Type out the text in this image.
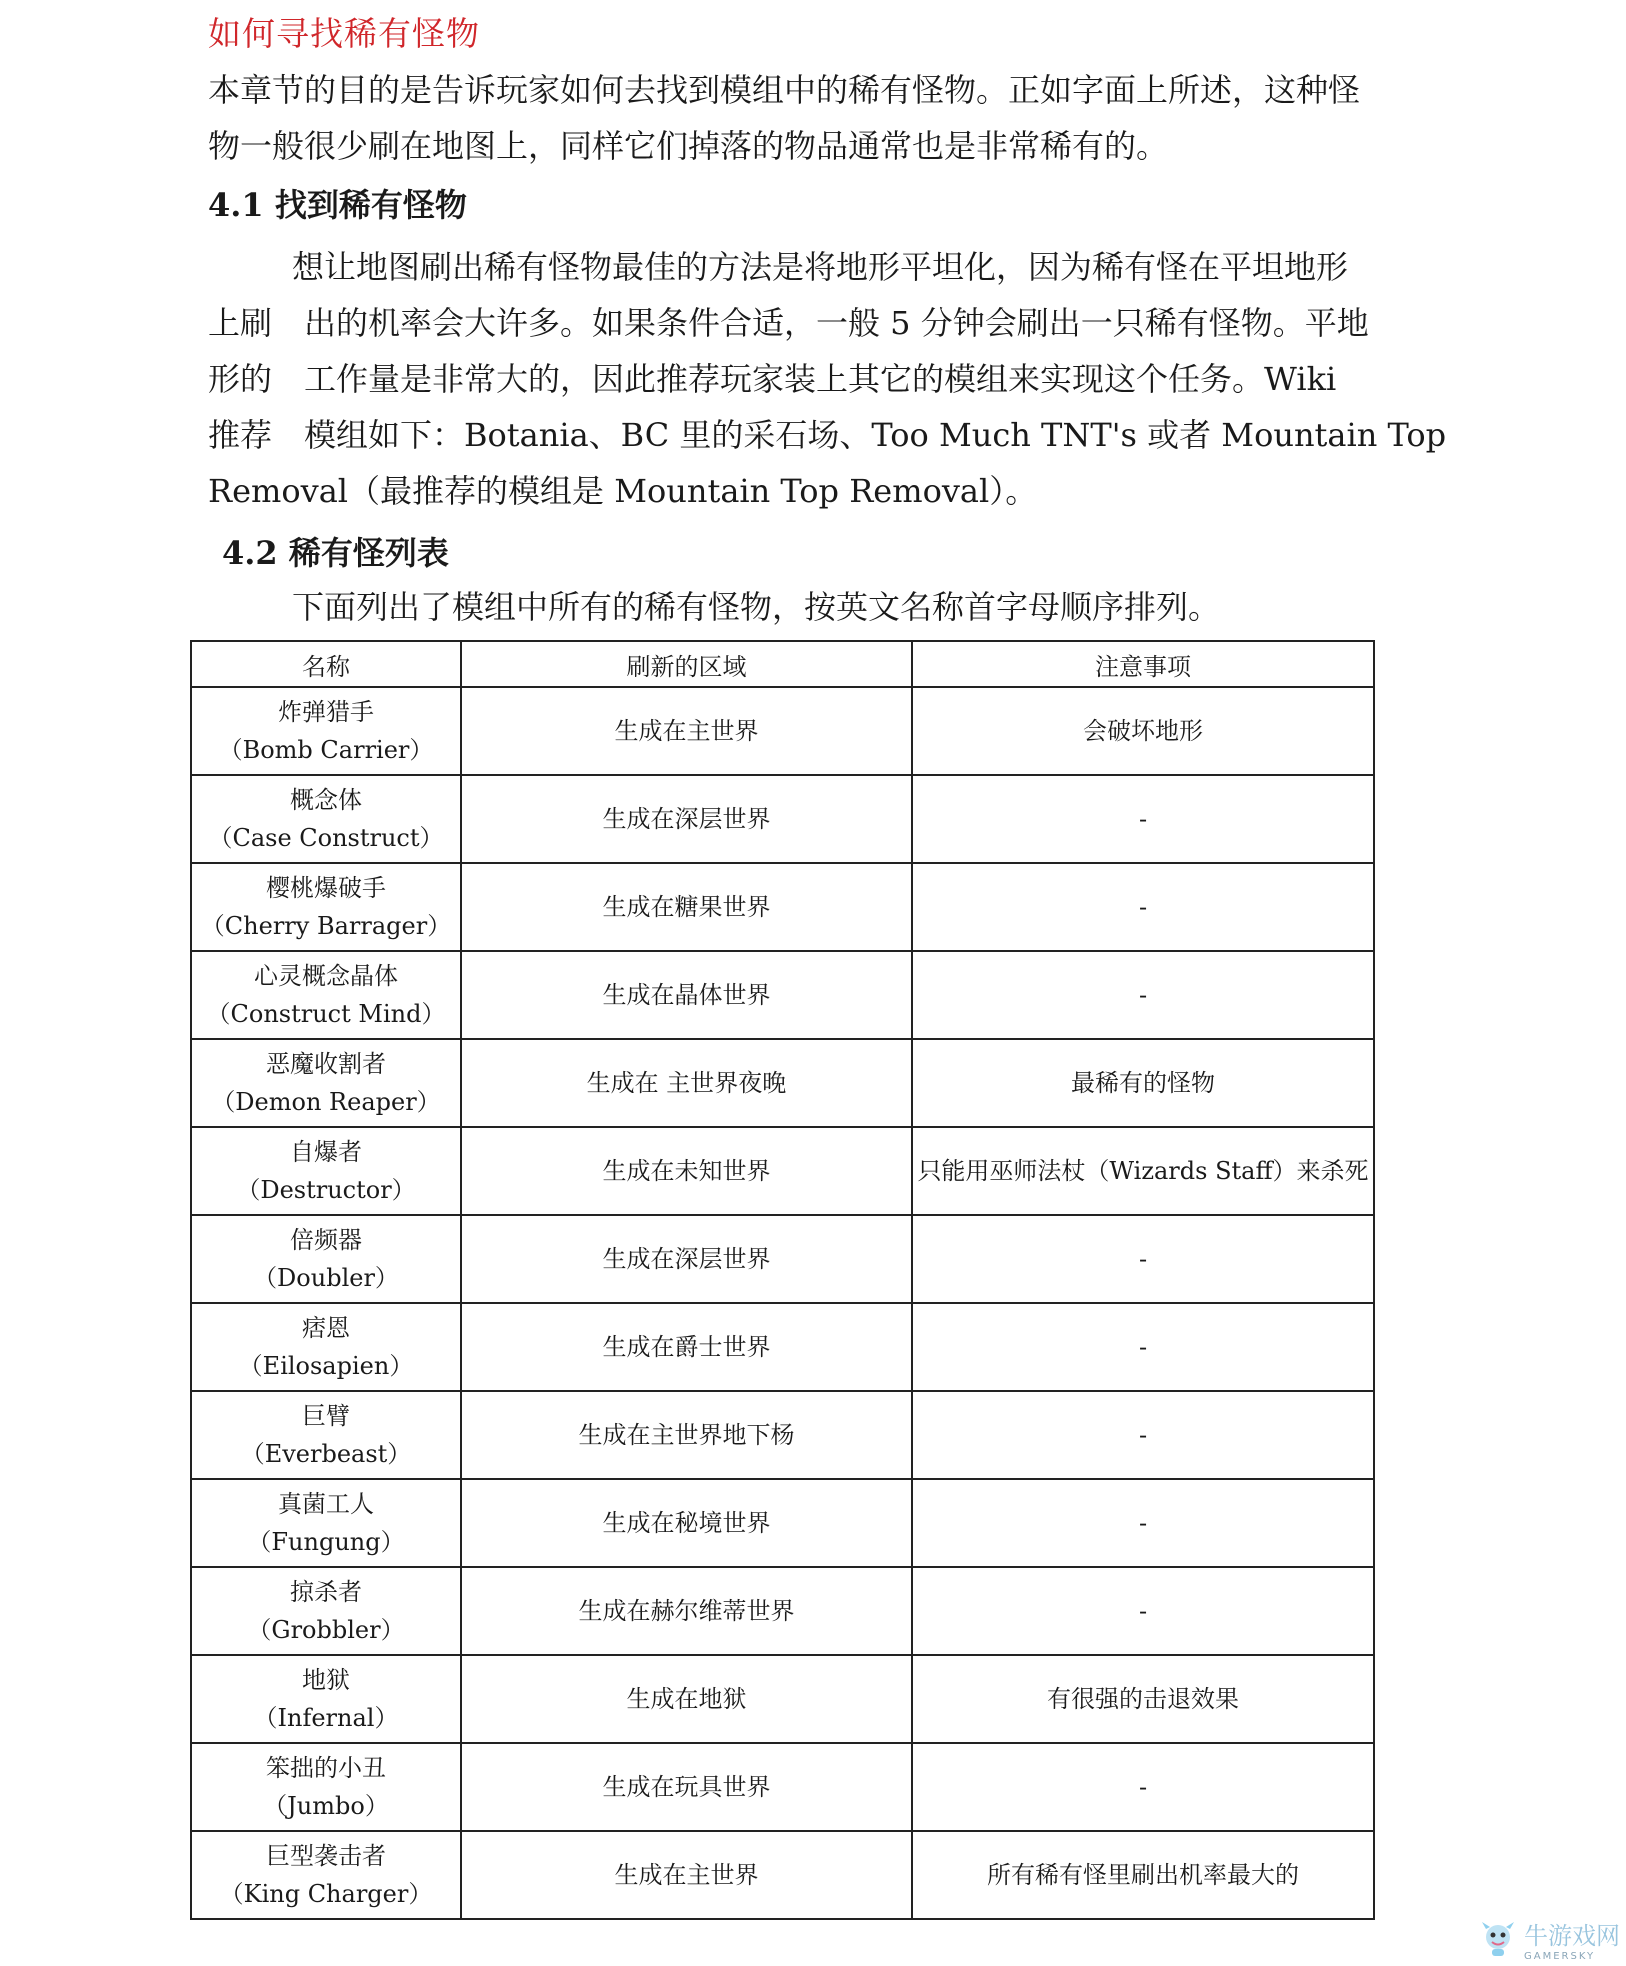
如何寻找稀有怪物
本章节的目的是告诉玩家如何去找到模组中的稀有怪物。正如字面上所述，这种怪物一般很少刷在地图上，同样它们掉落的物品通常也是非常稀有的。
4.1 找到稀有怪物
想让地图刷出稀有怪物最佳的方法是将地形平坦化，因为稀有怪在平坦地形
上刷　出的机率会大许多。如果条件合适，一般 5 分钟会刷出一只稀有怪物。平地
形的　工作量是非常大的，因此推荐玩家装上其它的模组来实现这个任务。Wiki
推荐　模组如下：Botania、BC 里的采石场、Too Much TNT's 或者 Mountain Top
Removal（最推荐的模组是 Mountain Top Removal）。
4.2 稀有怪列表
下面列出了模组中所有的稀有怪物，按英文名称首字母顺序排列。
名称	刷新的区域	注意事项

炸弹猎手
（Bomb Carrier）	生成在主世界	会破坏地形

概念体
（Case Construct）	生成在深层世界	-

樱桃爆破手
（Cherry Barrager）	生成在糖果世界	-

心灵概念晶体
（Construct Mind）	生成在晶体世界	-

恶魔收割者
（Demon Reaper）	生成在 主世界夜晚	最稀有的怪物

自爆者
（Destructor）	生成在未知世界	只能用巫师法杖（Wizards Staff）来杀死

倍频器
（Doubler）	生成在深层世界	-

痞恩
（Eilosapien）	生成在爵士世界	-

巨臂
（Everbeast）	生成在主世界地下杨	-

真菌工人
（Fungung）	生成在秘境世界	-

掠杀者
（Grobbler）	生成在赫尔维蒂世界	-

地狱
（Infernal）	生成在地狱	有很强的击退效果

笨拙的小丑
（Jumbo）	生成在玩具世界	-

巨型袭击者
（King Charger）	生成在主世界	所有稀有怪里刷出机率最大的
牛游戏网
GAMERSKY
